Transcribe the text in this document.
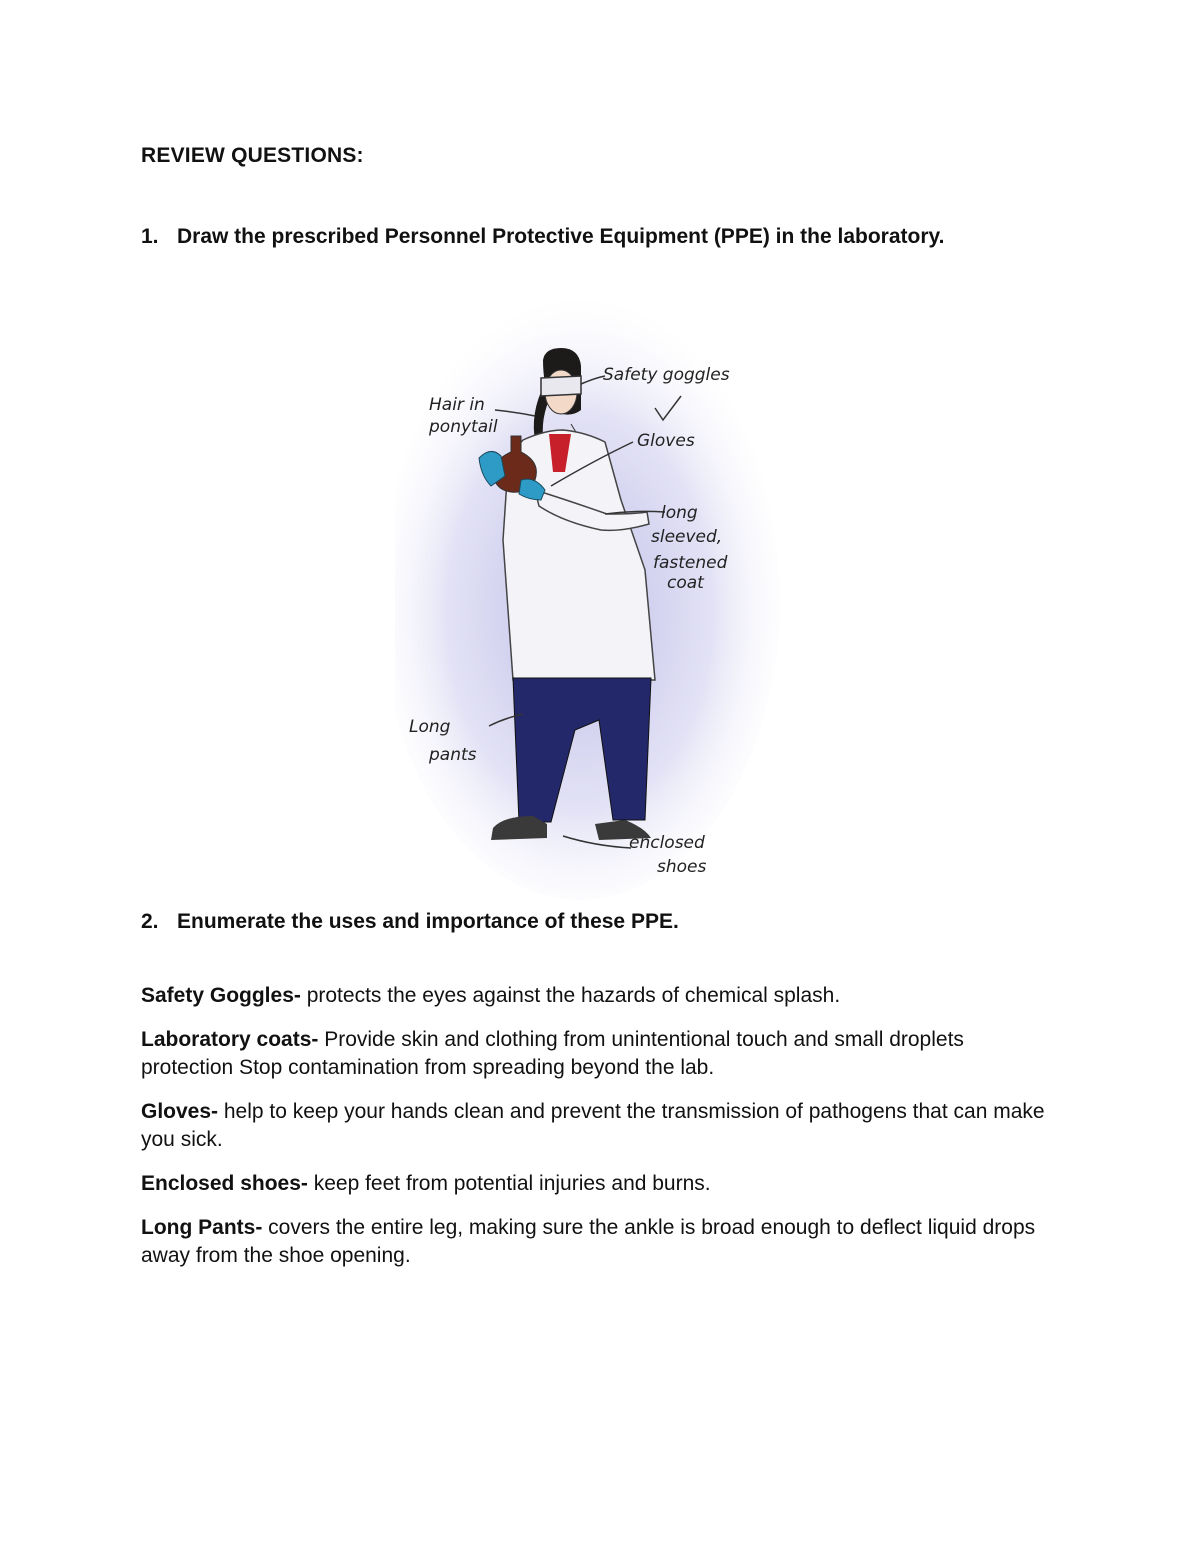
REVIEW QUESTIONS:
1. Draw the prescribed Personnel Protective Equipment (PPE) in the laboratory.
Safety goggles
Hair in
ponytail
Gloves
long
sleeved,
fastened
coat
Long
pants
enclosed
shoes
2. Enumerate the uses and importance of these PPE.

Safety Goggles- protects the eyes against the hazards of chemical splash.

Laboratory coats- Provide skin and clothing from unintentional touch and small droplets protection Stop contamination from spreading beyond the lab.

Gloves- help to keep your hands clean and prevent the transmission of pathogens that can make you sick.

Enclosed shoes- keep feet from potential injuries and burns.

Long Pants- covers the entire leg, making sure the ankle is broad enough to deflect liquid drops away from the shoe opening.
